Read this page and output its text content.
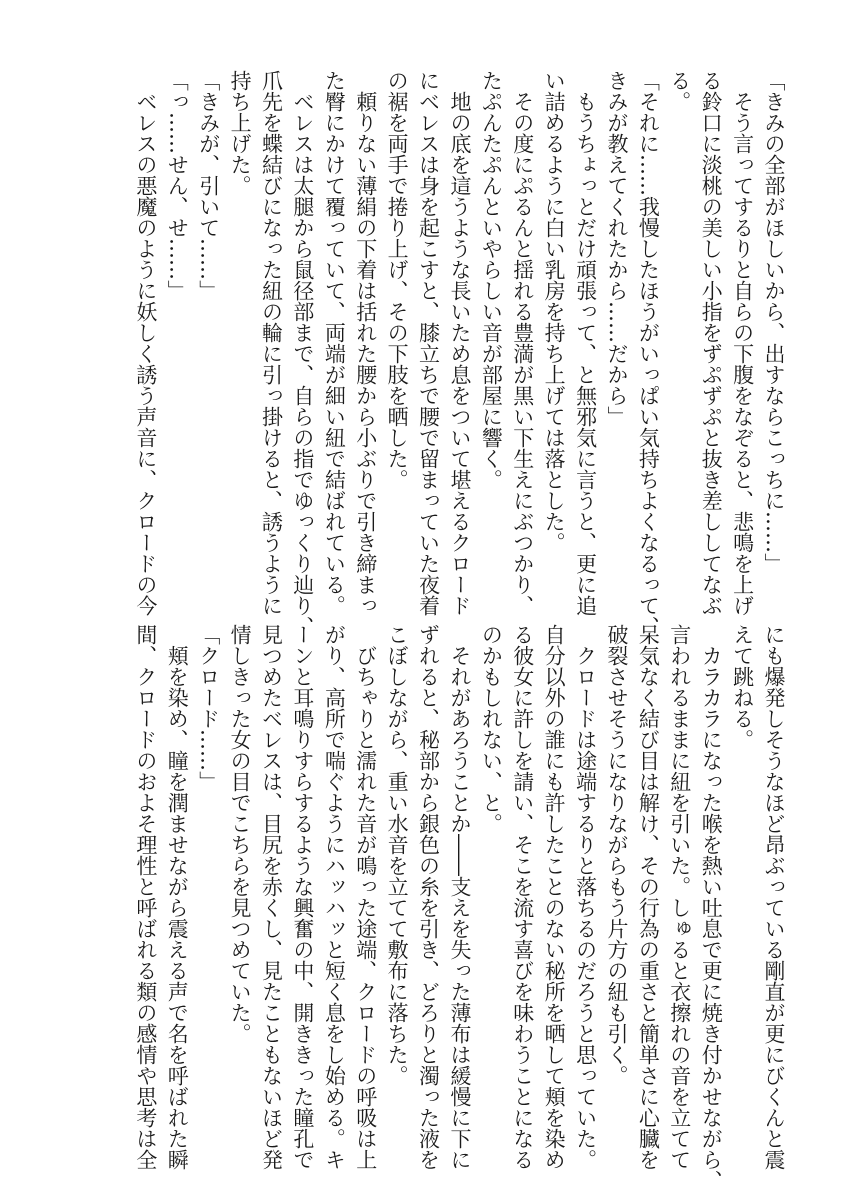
「きみの全部がほしいから、出すならこっちに……」
　そう言ってするりと自らの下腹をなぞると、悲鳴を上げ
る鈴口に淡桃の美しい小指をずぷずぷと抜き差ししてなぶ
る。
「それに……我慢したほうがいっぱい気持ちよくなるって、
きみが教えてくれたから……だから」
　もうちょっとだけ頑張って、と無邪気に言うと、更に追
い詰めるように白い乳房を持ち上げては落とした。
　その度にぷるんと揺れる豊満が黒い下生えにぶつかり、
たぷんたぷんといやらしい音が部屋に響く。
　地の底を這うような長いため息をついて堪えるクロード
にベレスは身を起こすと、膝立ちで腰で留まっていた夜着
の裾を両手で捲り上げ、その下肢を晒した。
　頼りない薄絹の下着は括れた腰から小ぶりで引き締まっ
た臀にかけて覆っていて、両端が細い紐で結ばれている。
　ベレスは太腿から鼠径部まで、自らの指でゆっくり辿り、
爪先を蝶結びになった紐の輪に引っ掛けると、誘うように
持ち上げた。
「きみが、引いて……」
「っ……せん、せ……」
　ベレスの悪魔のように妖しく誘う声音に、クロードの今
にも爆発しそうなほど昂ぶっている剛直が更にびくんと震
えて跳ねる。
　カラカラになった喉を熱い吐息で更に焼き付かせながら、
言われるままに紐を引いた。しゅると衣擦れの音を立てて
呆気なく結び目は解け、その行為の重さと簡単さに心臓を
破裂させそうになりながらもう片方の紐も引く。
　クロードは途端するりと落ちるのだろうと思っていた。
自分以外の誰にも許したことのない秘所を晒して頬を染め
る彼女に許しを請い、そこを流す喜びを味わうことになる
のかもしれない、と。
　それがあろうことか――支えを失った薄布は緩慢に下に
ずれると、秘部から銀色の糸を引き、どろりと濁った液を
こぼしながら、重い水音を立てて敷布に落ちた。
　びちゃりと濡れた音が鳴った途端、クロードの呼吸は上
がり、高所で喘ぐようにハッハッと短く息をし始める。キ
ーンと耳鳴りすらするような興奮の中、開ききった瞳孔で
見つめたベレスは、目尻を赤くし、見たこともないほど発
情しきった女の目でこちらを見つめていた。
「クロード……」
　頬を染め、瞳を潤ませながら震える声で名を呼ばれた瞬
間、クロードのおよそ理性と呼ばれる類の感情や思考は全
